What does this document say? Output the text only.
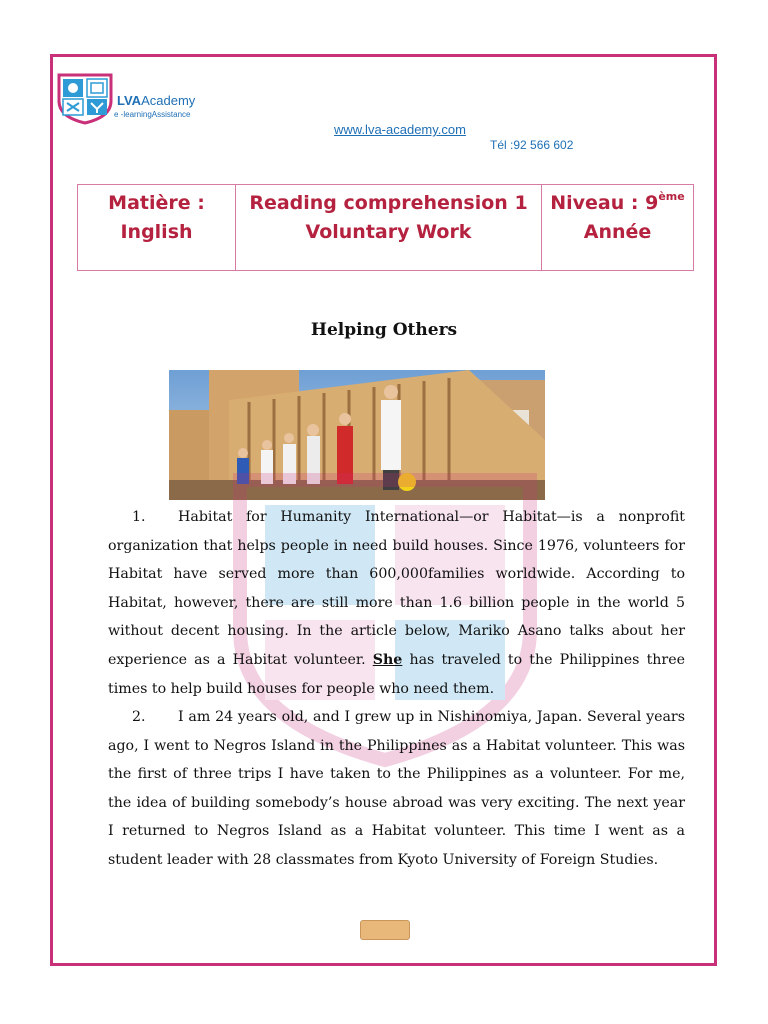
LVAAcademy
e -learningAssistance
www.lva-academy.com
Tél :92 566 602
Matière :
Inglish

Reading comprehension 1
Voluntary Work

Niveau : 9ème
Année
Helping Others

1. Habitat for Humanity International—or Habitat—is a nonprofit organization that helps people in need build houses. Since 1976, volunteers for Habitat have served more than 600,000families worldwide. According to Habitat, however, there are still more than 1.6 billion people in the world 5 without decent housing. In the article below, Mariko Asano talks about her experience as a Habitat volunteer. She has traveled to the Philippines three times to help build houses for people who need them.

2. I am 24 years old, and I grew up in Nishinomiya, Japan. Several years ago, I went to Negros Island in the Philippines as a Habitat volunteer. This was the first of three trips I have taken to the Philippines as a volunteer. For me, the idea of building somebody’s house abroad was very exciting. The next year I returned to Negros Island as a Habitat volunteer. This time I went as a student leader with 28 classmates from Kyoto University of Foreign Studies.
